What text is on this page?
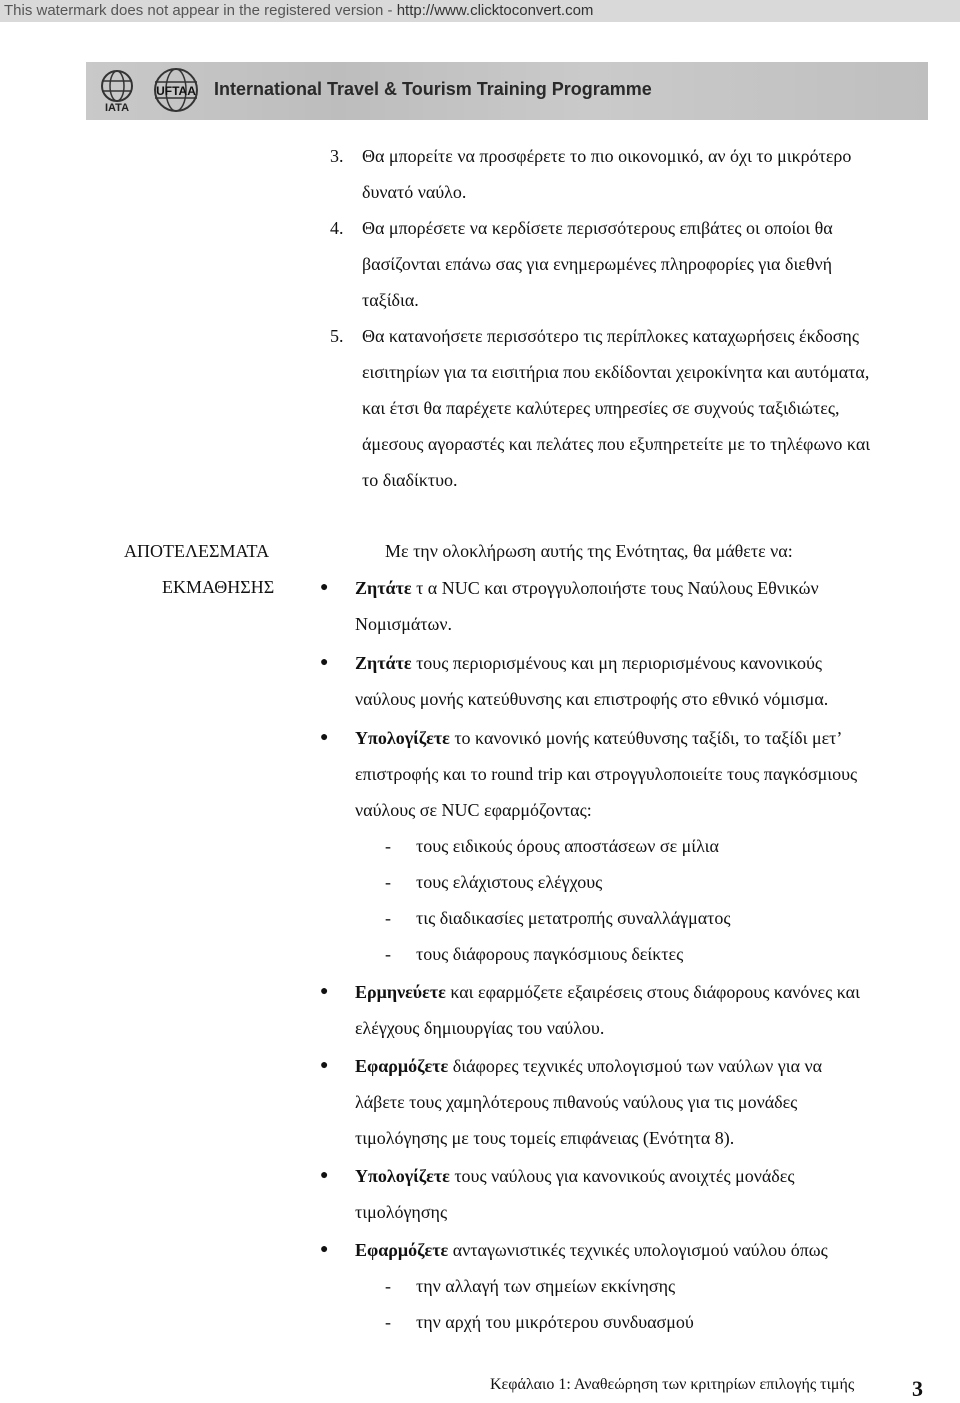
This watermark does not appear in the registered version - http://www.clicktoconvert.com
IATA
UFTAA International Travel & Tourism Training Programme
3. Θα μπορείτε να προσφέρετε το πιο οικονομικό, αν όχι το μικρότερο
δυνατό ναύλο.
4. Θα μπορέσετε να κερδίσετε περισσότερους επιβάτες οι οποίοι θα
βασίζονται επάνω σας για ενημερωμένες πληροφορίες για διεθνή
ταξίδια.
5. Θα κατανοήσετε περισσότερο τις περίπλοκες καταχωρήσεις έκδοσης
εισιτηρίων για τα εισιτήρια που εκδίδονται χειροκίνητα και αυτόματα,
και έτσι θα παρέχετε καλύτερες υπηρεσίες σε συχνούς ταξιδιώτες,
άμεσους αγοραστές και πελάτες που εξυπηρετείτε με το τηλέφωνο και
το διαδίκτυο.
ΑΠΟΤΕΛΕΣΜΑΤΑ
ΕΚΜΑΘΗΣΗΣ
Με την ολοκλήρωση αυτής της Ενότητας, θα μάθετε να:
● Ζητάτε τ α NUC και στρογγυλοποιήστε τους Ναύλους Εθνικών
Νομισμάτων.
● Ζητάτε τους περιορισμένους και μη περιορισμένους κανονικούς
ναύλους μονής κατεύθυνσης και επιστροφής στο εθνικό νόμισμα.
● Υπολογίζετε το κανονικό μονής κατεύθυνσης ταξίδι, το ταξίδι μετ’
επιστροφής και το round trip και στρογγυλοποιείτε τους παγκόσμιους
ναύλους σε NUC εφαρμόζοντας:
- τους ειδικούς όρους αποστάσεων σε μίλια
- τους ελάχιστους ελέγχους
- τις διαδικασίες μετατροπής συναλλάγματος
- τους διάφορους παγκόσμιους δείκτες
● Ερμηνεύετε και εφαρμόζετε εξαιρέσεις στους διάφορους κανόνες και
ελέγχους δημιουργίας του ναύλου.
● Εφαρμόζετε διάφορες τεχνικές υπολογισμού των ναύλων για να
λάβετε τους χαμηλότερους πιθανούς ναύλους για τις μονάδες
τιμολόγησης με τους τομείς επιφάνειας (Ενότητα 8).
● Υπολογίζετε τους ναύλους για κανονικούς ανοιχτές μονάδες
τιμολόγησης
● Εφαρμόζετε ανταγωνιστικές τεχνικές υπολογισμού ναύλου όπως
- την αλλαγή των σημείων εκκίνησης
- την αρχή του μικρότερου συνδυασμού
Κεφάλαιο 1: Αναθεώρηση των κριτηρίων επιλογής τιμής	3
